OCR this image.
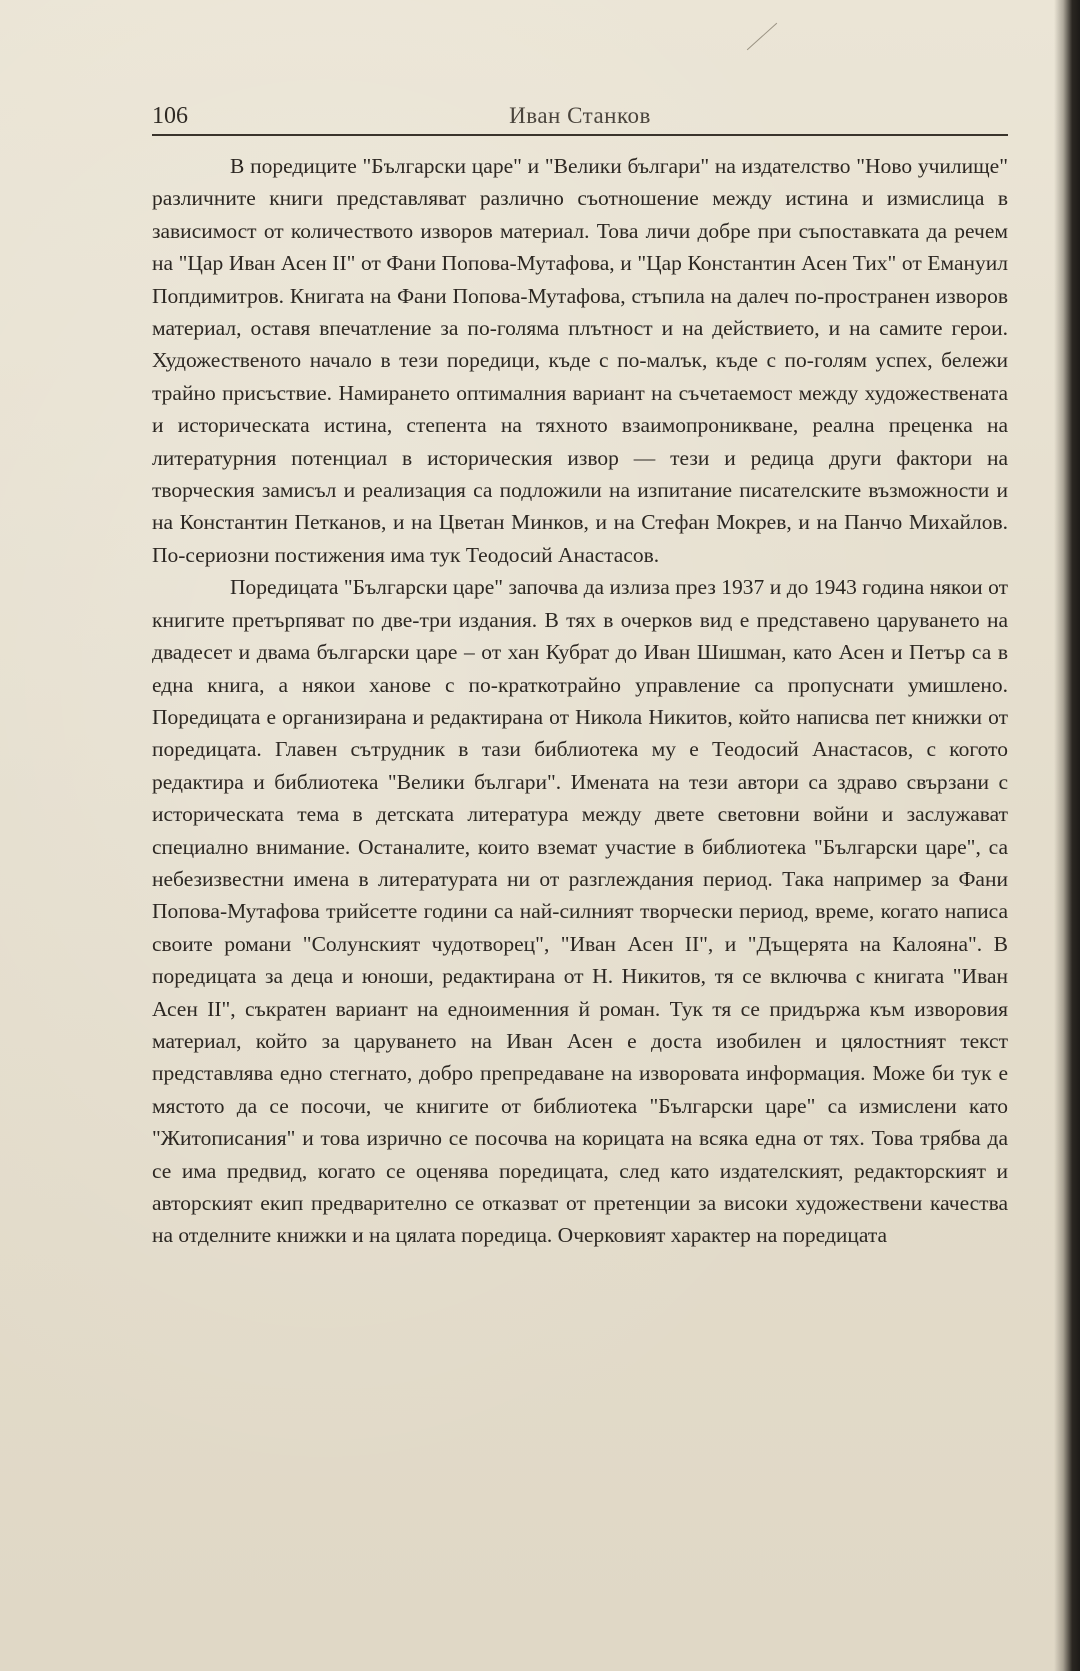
106	Иван Станков

В поредиците "Български царе" и "Велики българи" на издателство "Ново училище" различните книги представляват различно съотношение между истина и измислица в зависимост от количеството изворов материал. Това личи добре при съпоставката да речем на "Цар Иван Асен II" от Фани Попова-Мутафова, и "Цар Константин Асен Тих" от Емануил Попдимитров. Книгата на Фани Попова-Мутафова, стъпила на далеч по-пространен изворов материал, оставя впечатление за по-голяма плътност и на действието, и на самите герои. Художественото начало в тези поредици, къде с по-малък, къде с по-голям успех, бележи трайно присъствие. Намирането оптималния вариант на съчетаемост между художествената и историческата истина, степента на тяхното взаимопроникване, реална преценка на литературния потенциал в историческия извор — тези и редица други фактори на творческия замисъл и реализация са подложили на изпитание писателските възможности и на Константин Петканов, и на Цветан Минков, и на Стефан Мокрев, и на Панчо Михайлов. По-сериозни постижения има тук Теодосий Анастасов.

Поредицата "Български царе" започва да излиза през 1937 и до 1943 година някои от книгите претърпяват по две-три издания. В тях в очерков вид е представено царуването на двадесет и двама български царе – от хан Кубрат до Иван Шишман, като Асен и Петър са в една книга, а някои ханове с по-краткотрайно управление са пропуснати умишлено. Поредицата е организирана и редактирана от Никола Никитов, който написва пет книжки от поредицата. Главен сътрудник в тази библиотека му е Теодосий Анастасов, с когото редактира и библиотека "Велики българи". Имената на тези автори са здраво свързани с историческата тема в детската литература между двете световни войни и заслужават специално внимание. Останалите, които вземат участие в библиотека "Български царе", са небезизвестни имена в литературата ни от разглеждания период. Така например за Фани Попова-Мутафова трийсетте години са най-силният творчески период, време, когато написа своите романи "Солунският чудотворец", "Иван Асен II", и "Дъщерята на Калояна". В поредицата за деца и юноши, редактирана от Н. Никитов, тя се включва с книгата "Иван Асен II", съкратен вариант на едноименния й роман. Тук тя се придържа към изворовия материал, който за царуването на Иван Асен е доста изобилен и цялостният текст представлява едно стегнато, добро препредаване на изворовата информация. Може би тук е мястото да се посочи, че книгите от библиотека "Български царе" са измислени като "Житописания" и това изрично се посочва на корицата на всяка една от тях. Това трябва да се има предвид, когато се оценява поредицата, след като издателският, редакторският и авторският екип предварително се отказват от претенции за високи художествени качества на отделните книжки и на цялата поредица. Очерковият характер на поредицата
